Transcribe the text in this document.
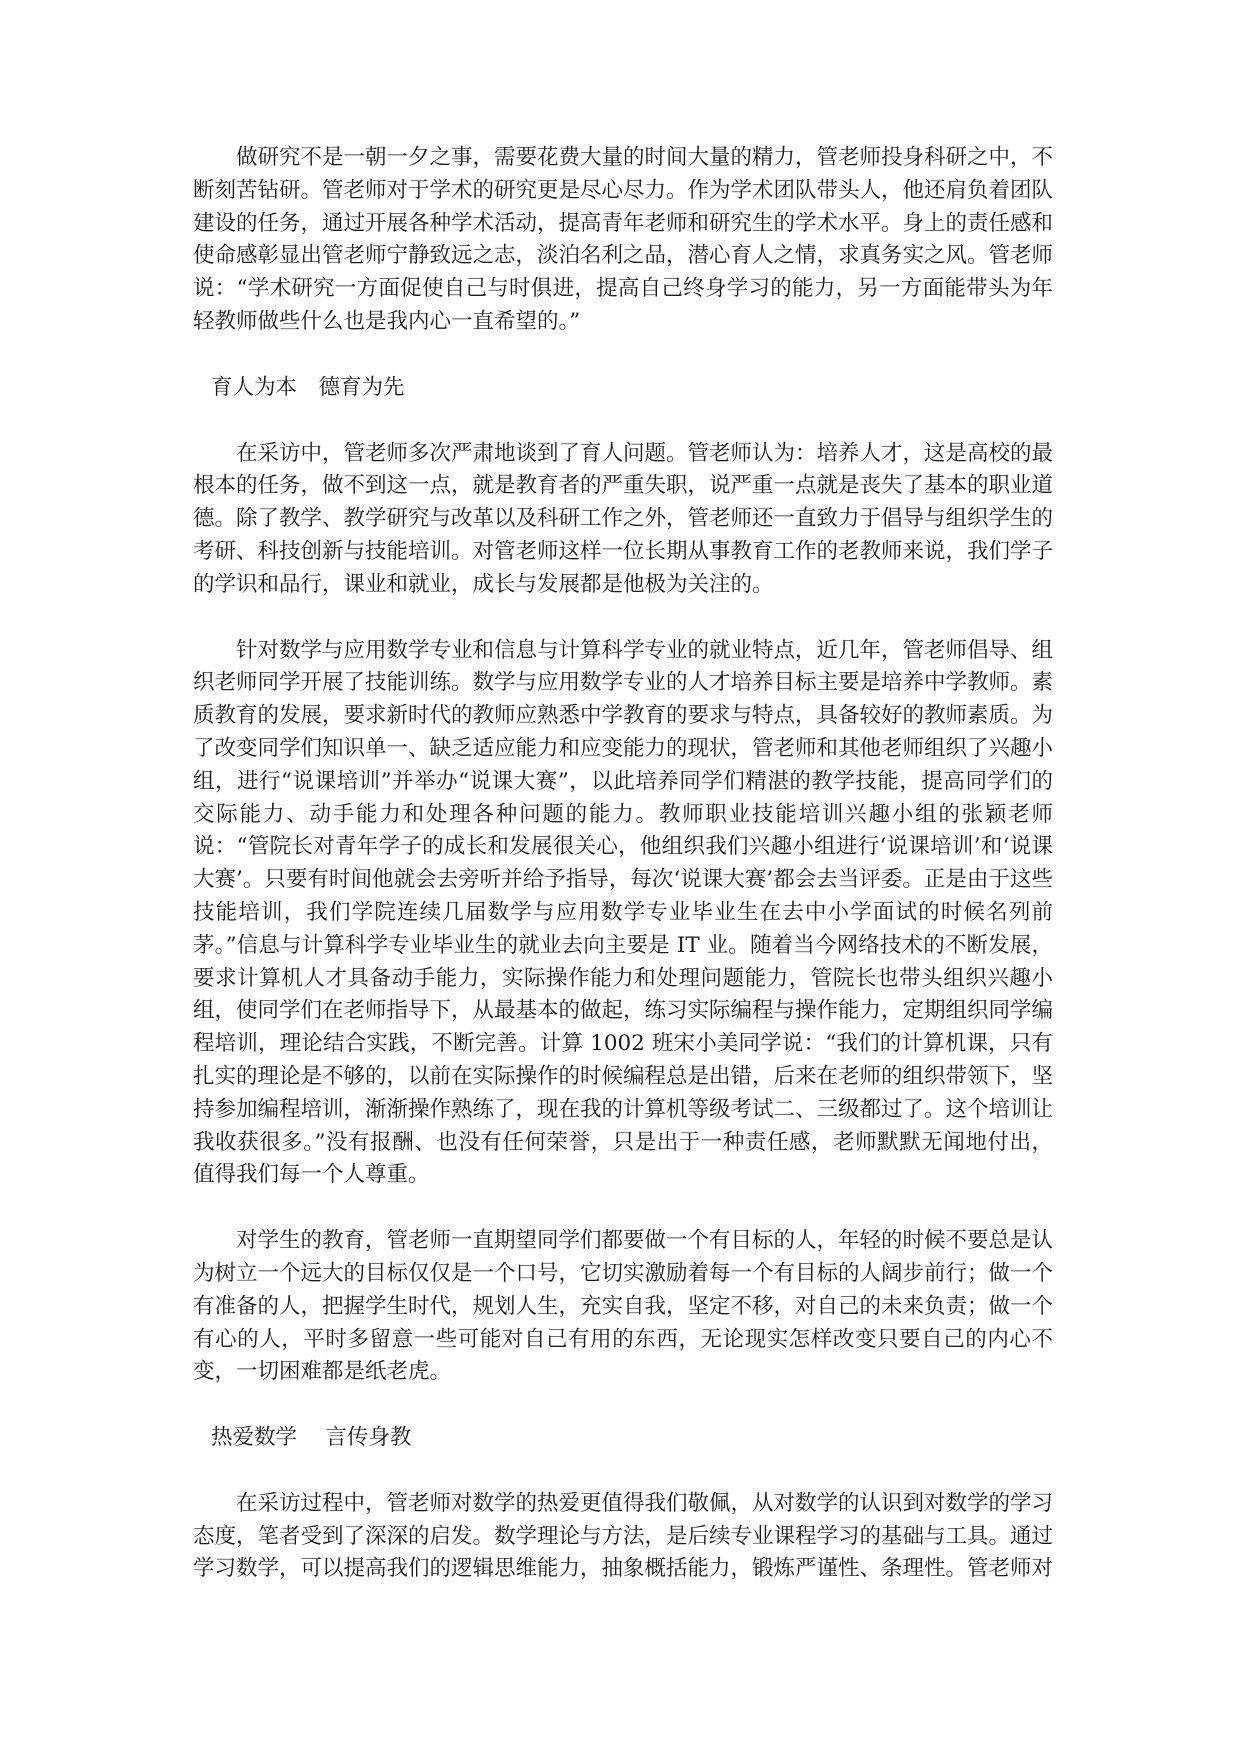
做研究不是一朝一夕之事，需要花费大量的时间大量的精力，管老师投身科研之中，不断刻苦钻研。管老师对于学术的研究更是尽心尽力。作为学术团队带头人，他还肩负着团队建设的任务，通过开展各种学术活动，提高青年老师和研究生的学术水平。身上的责任感和使命感彰显出管老师宁静致远之志，淡泊名利之品，潜心育人之情，求真务实之风。管老师说：“学术研究一方面促使自己与时俱进，提高自己终身学习的能力，另一方面能带头为年轻教师做些什么也是我内心一直希望的。”

育人为本　德育为先

在采访中，管老师多次严肃地谈到了育人问题。管老师认为：培养人才，这是高校的最根本的任务，做不到这一点，就是教育者的严重失职，说严重一点就是丧失了基本的职业道德。除了教学、教学研究与改革以及科研工作之外，管老师还一直致力于倡导与组织学生的考研、科技创新与技能培训。对管老师这样一位长期从事教育工作的老教师来说，我们学子的学识和品行，课业和就业，成长与发展都是他极为关注的。

针对数学与应用数学专业和信息与计算科学专业的就业特点，近几年，管老师倡导、组织老师同学开展了技能训练。数学与应用数学专业的人才培养目标主要是培养中学教师。素质教育的发展，要求新时代的教师应熟悉中学教育的要求与特点，具备较好的教师素质。为了改变同学们知识单一、缺乏适应能力和应变能力的现状，管老师和其他老师组织了兴趣小组，进行“说课培训”并举办“说课大赛”，以此培养同学们精湛的教学技能，提高同学们的交际能力、动手能力和处理各种问题的能力。教师职业技能培训兴趣小组的张颖老师说：“管院长对青年学子的成长和发展很关心，他组织我们兴趣小组进行‘说课培训’和‘说课大赛’。只要有时间他就会去旁听并给予指导，每次‘说课大赛’都会去当评委。正是由于这些技能培训，我们学院连续几届数学与应用数学专业毕业生在去中小学面试的时候名列前茅。”信息与计算科学专业毕业生的就业去向主要是 IT 业。随着当今网络技术的不断发展，要求计算机人才具备动手能力，实际操作能力和处理问题能力，管院长也带头组织兴趣小组，使同学们在老师指导下，从最基本的做起，练习实际编程与操作能力，定期组织同学编程培训，理论结合实践，不断完善。计算 1002 班宋小美同学说：“我们的计算机课，只有扎实的理论是不够的，以前在实际操作的时候编程总是出错，后来在老师的组织带领下，坚持参加编程培训，渐渐操作熟练了，现在我的计算机等级考试二、三级都过了。这个培训让我收获很多。”没有报酬、也没有任何荣誉，只是出于一种责任感，老师默默无闻地付出，值得我们每一个人尊重。

对学生的教育，管老师一直期望同学们都要做一个有目标的人，年轻的时候不要总是认为树立一个远大的目标仅仅是一个口号，它切实激励着每一个有目标的人阔步前行；做一个有准备的人，把握学生时代，规划人生，充实自我，坚定不移，对自己的未来负责；做一个有心的人，平时多留意一些可能对自己有用的东西，无论现实怎样改变只要自己的内心不变，一切困难都是纸老虎。

热爱数学　 言传身教

在采访过程中，管老师对数学的热爱更值得我们敬佩，从对数学的认识到对数学的学习态度，笔者受到了深深的启发。数学理论与方法，是后续专业课程学习的基础与工具。通过学习数学，可以提高我们的逻辑思维能力，抽象概括能力，锻炼严谨性、条理性。管老师对
